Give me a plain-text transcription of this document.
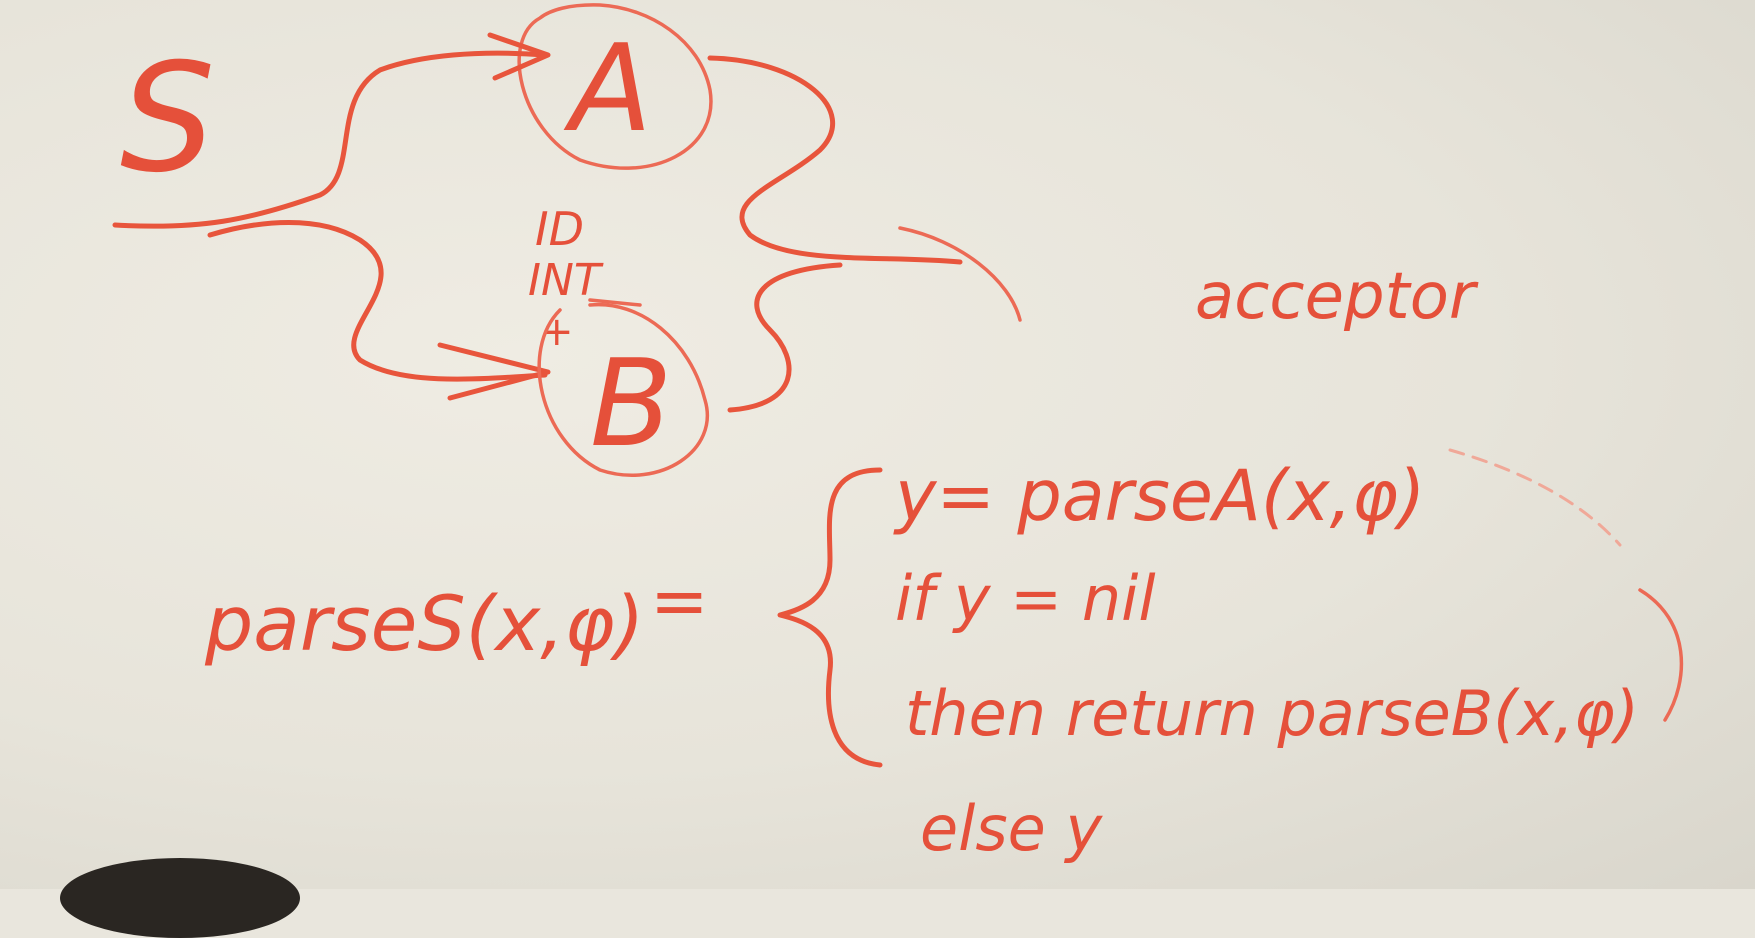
S	A
ID
INT
+
B
acceptor
parseS(x,φ) =
y= parseA(x,φ)
if y = nil
then return parseB(x,φ)
else y
